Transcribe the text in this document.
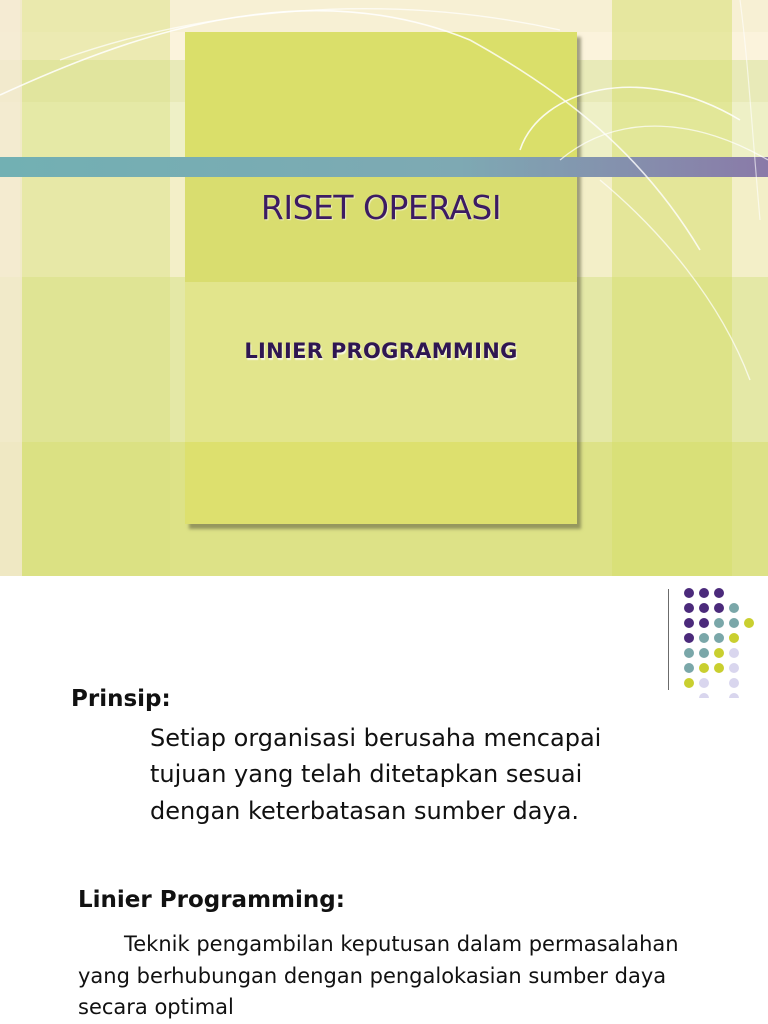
RISET OPERASI
LINIER PROGRAMMING
Prinsip:
Setiap organisasi berusaha mencapai
tujuan yang telah ditetapkan sesuai
dengan keterbatasan sumber daya.
Linier Programming:
Teknik pengambilan keputusan dalam permasalahan
yang berhubungan dengan pengalokasian sumber daya
secara optimal
